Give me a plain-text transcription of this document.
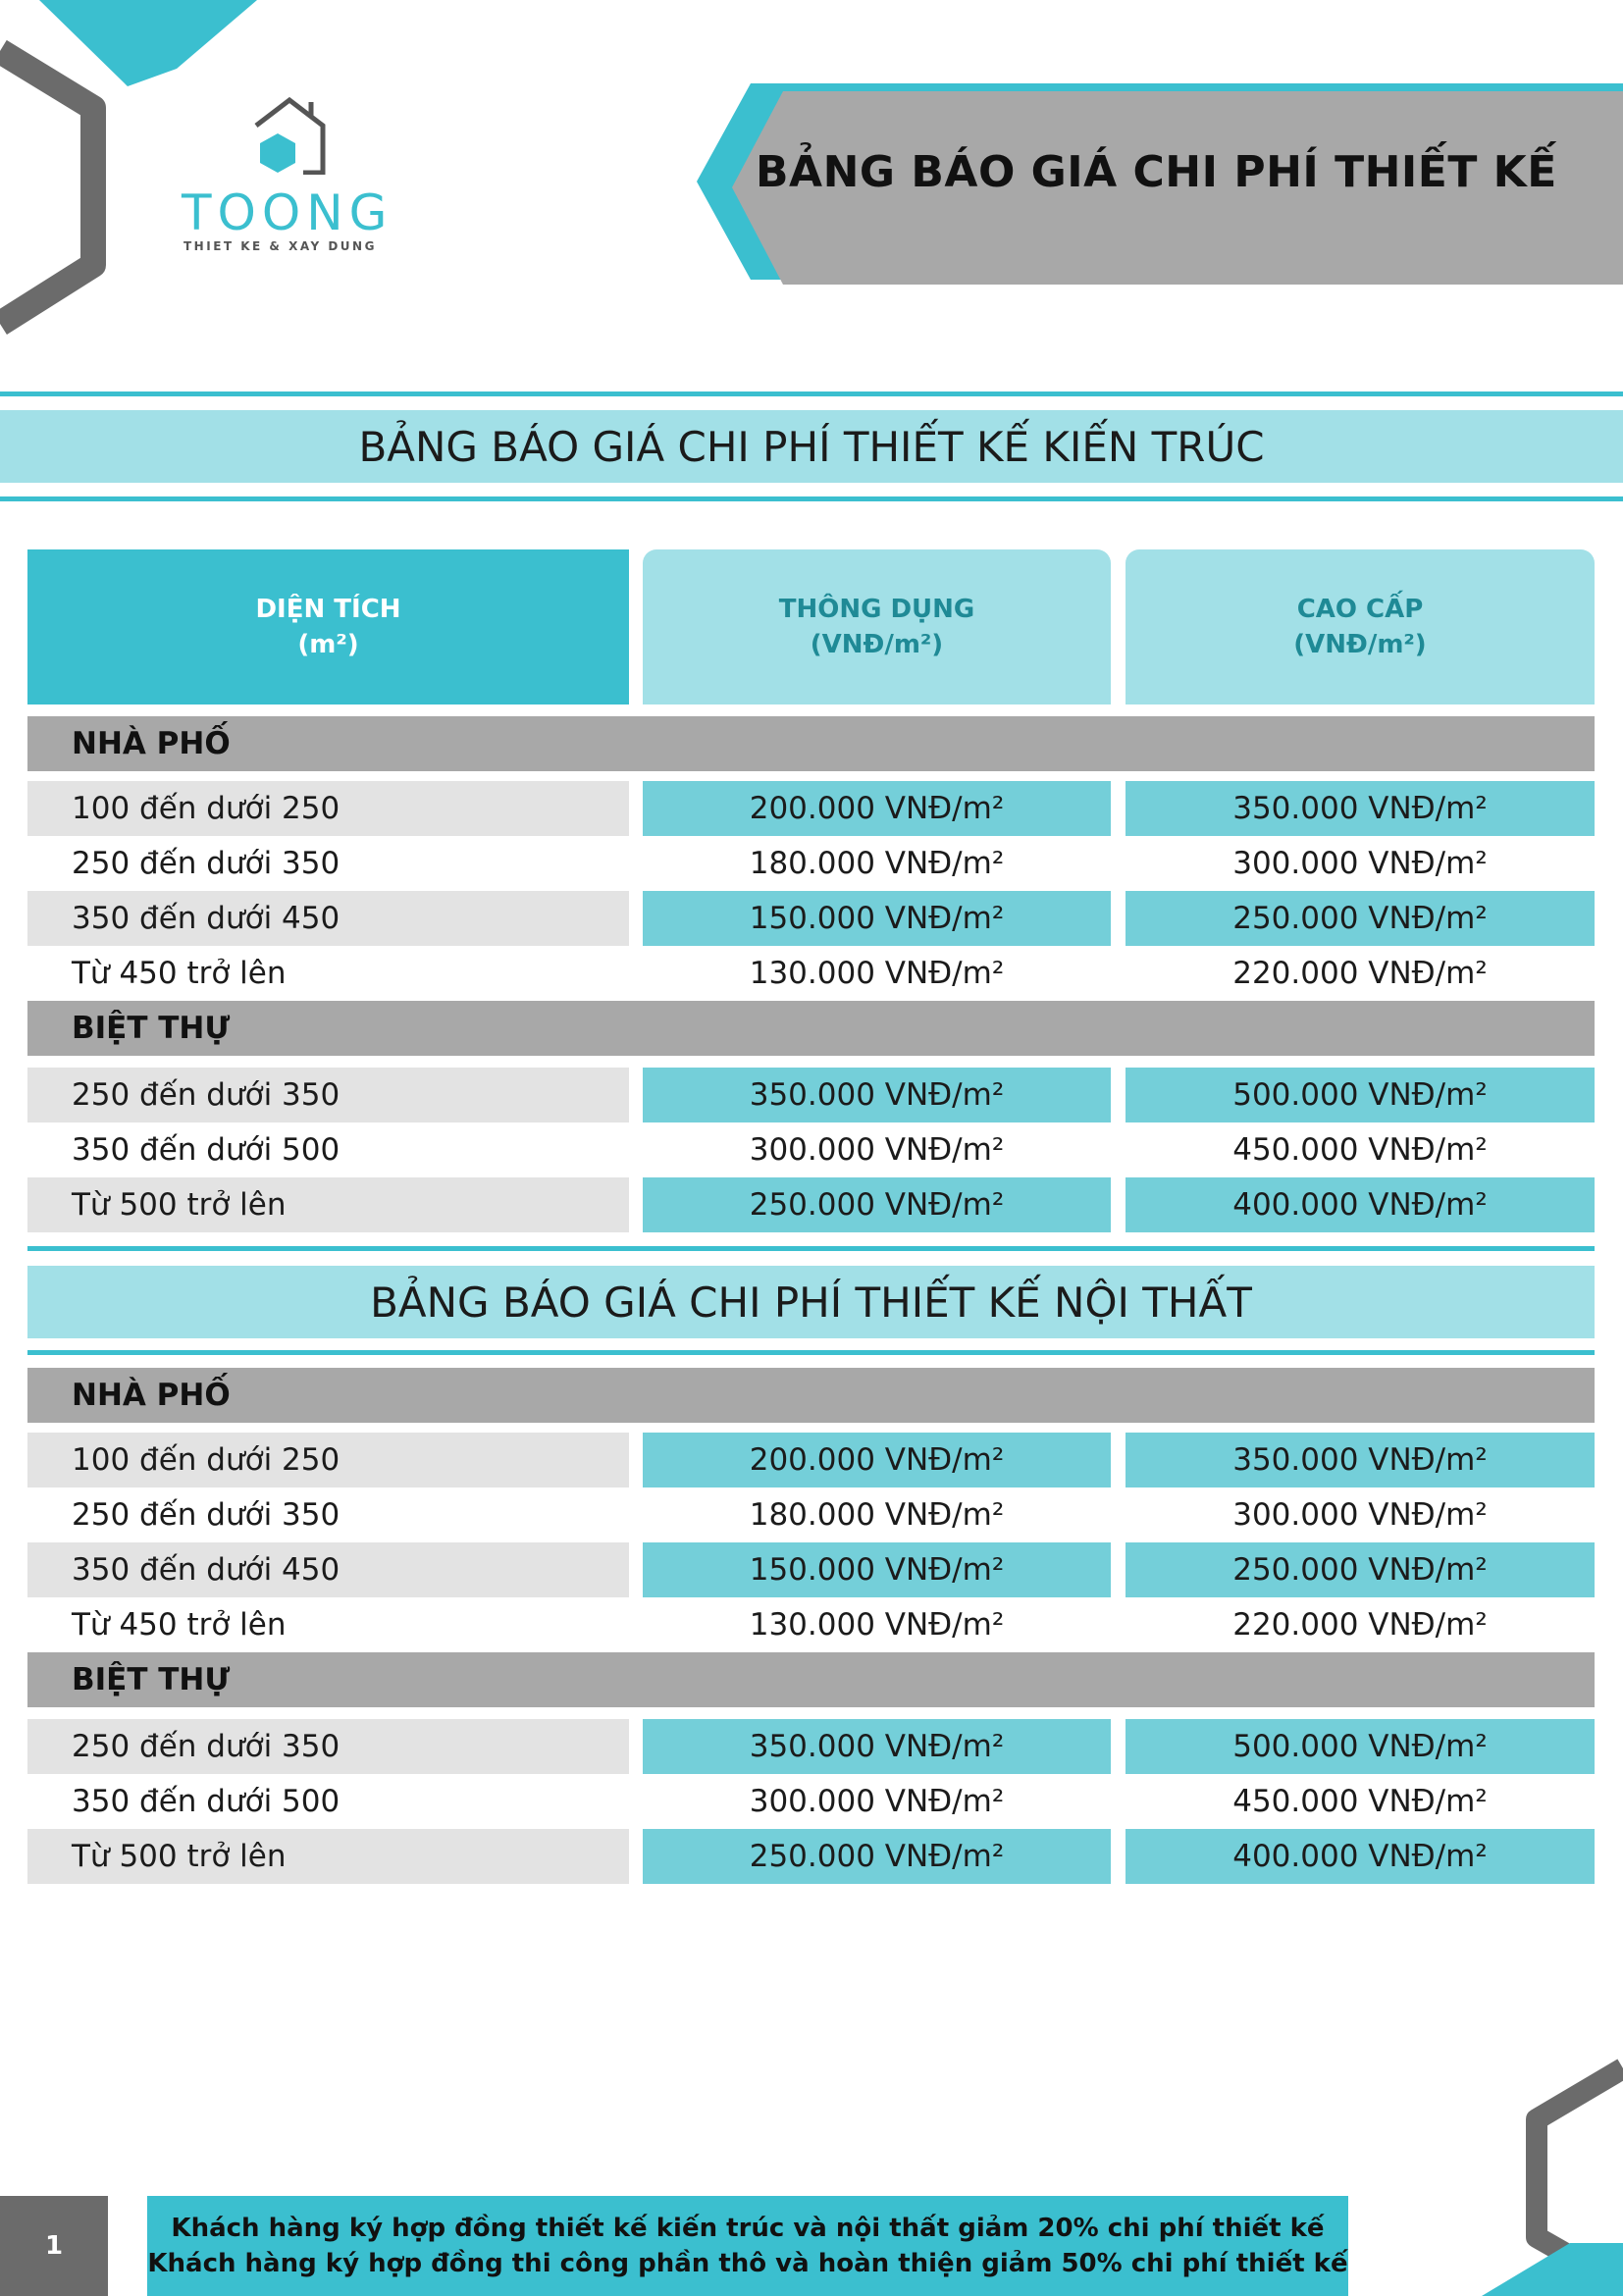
BẢNG BÁO GIÁ CHI PHÍ THIẾT KẾ
TOONG
THIET KE & XAY DUNG
BẢNG BÁO GIÁ CHI PHÍ THIẾT KẾ KIẾN TRÚC
DIỆN TÍCH
(m²)
THÔNG DỤNG
(VNĐ/m²)
CAO CẤP
(VNĐ/m²)
NHÀ PHỐ
100 đến dưới 250	200.000 VNĐ/m²	350.000 VNĐ/m²
250 đến dưới 350	180.000 VNĐ/m²	300.000 VNĐ/m²
350 đến dưới 450	150.000 VNĐ/m²	250.000 VNĐ/m²
Từ 450 trở lên	130.000 VNĐ/m²	220.000 VNĐ/m²
BIỆT THỰ
250 đến dưới 350	350.000 VNĐ/m²	500.000 VNĐ/m²
350 đến dưới 500	300.000 VNĐ/m²	450.000 VNĐ/m²
Từ 500 trở lên	250.000 VNĐ/m²	400.000 VNĐ/m²
BẢNG BÁO GIÁ CHI PHÍ THIẾT KẾ NỘI THẤT
NHÀ PHỐ
100 đến dưới 250	200.000 VNĐ/m²	350.000 VNĐ/m²
250 đến dưới 350	180.000 VNĐ/m²	300.000 VNĐ/m²
350 đến dưới 450	150.000 VNĐ/m²	250.000 VNĐ/m²
Từ 450 trở lên	130.000 VNĐ/m²	220.000 VNĐ/m²
BIỆT THỰ
250 đến dưới 350	350.000 VNĐ/m²	500.000 VNĐ/m²
350 đến dưới 500	300.000 VNĐ/m²	450.000 VNĐ/m²
Từ 500 trở lên	250.000 VNĐ/m²	400.000 VNĐ/m²
1
Khách hàng ký hợp đồng thiết kế kiến trúc và nội thất giảm 20% chi phí thiết kế
Khách hàng ký hợp đồng thi công phần thô và hoàn thiện giảm 50% chi phí thiết kế
